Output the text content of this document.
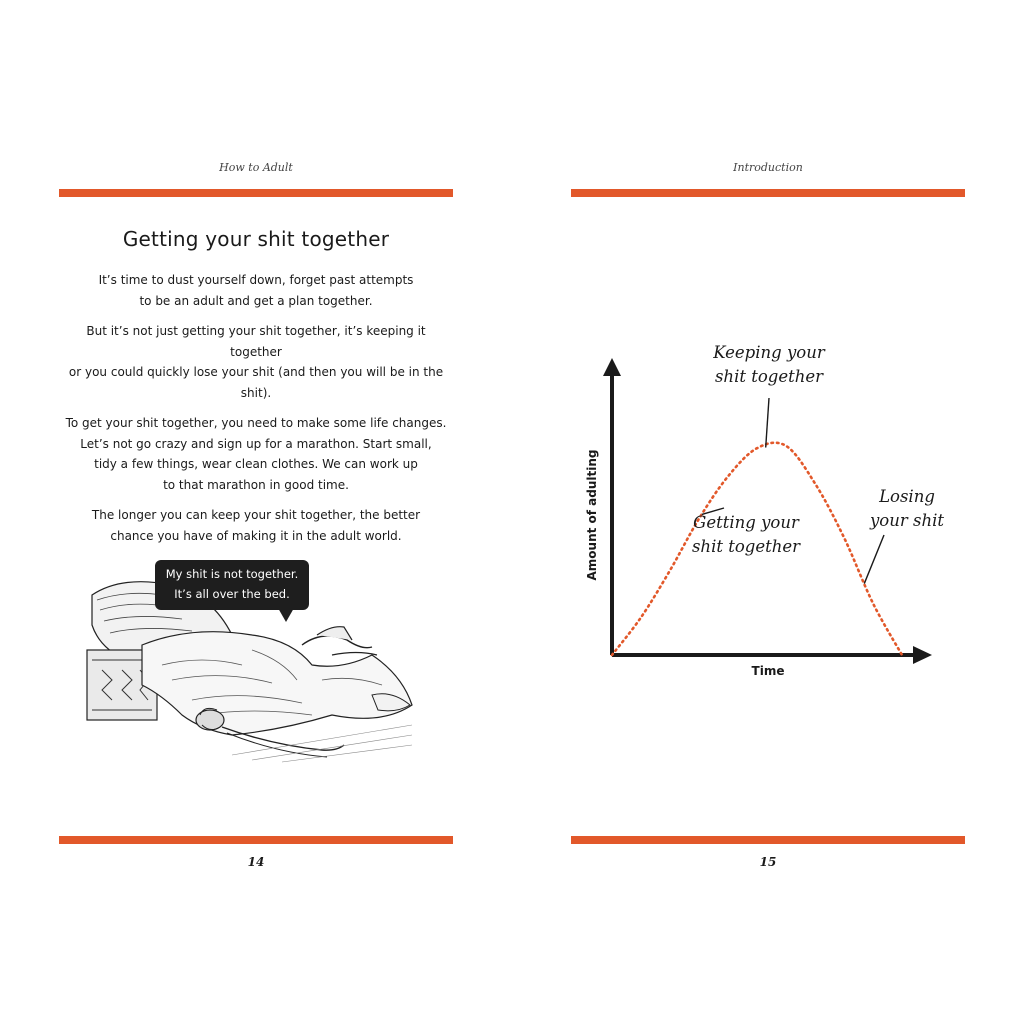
How to Adult
Getting your shit together

It’s time to dust yourself down, forget past attempts
to be an adult and get a plan together.

But it’s not just getting your shit together, it’s keeping it together
or you could quickly lose your shit (and then you will be in the shit).

To get your shit together, you need to make some life changes.
Let’s not go crazy and sign up for a marathon. Start small,
tidy a few things, wear clean clothes. We can work up
to that marathon in good time.

The longer you can keep your shit together, the better
chance you have of making it in the adult world.

My shit is not together.
It’s all over the bed.
14
Introduction
15
Time
Amount of adulting
Keeping your
shit together
Getting your
shit together
Losing
your shit
